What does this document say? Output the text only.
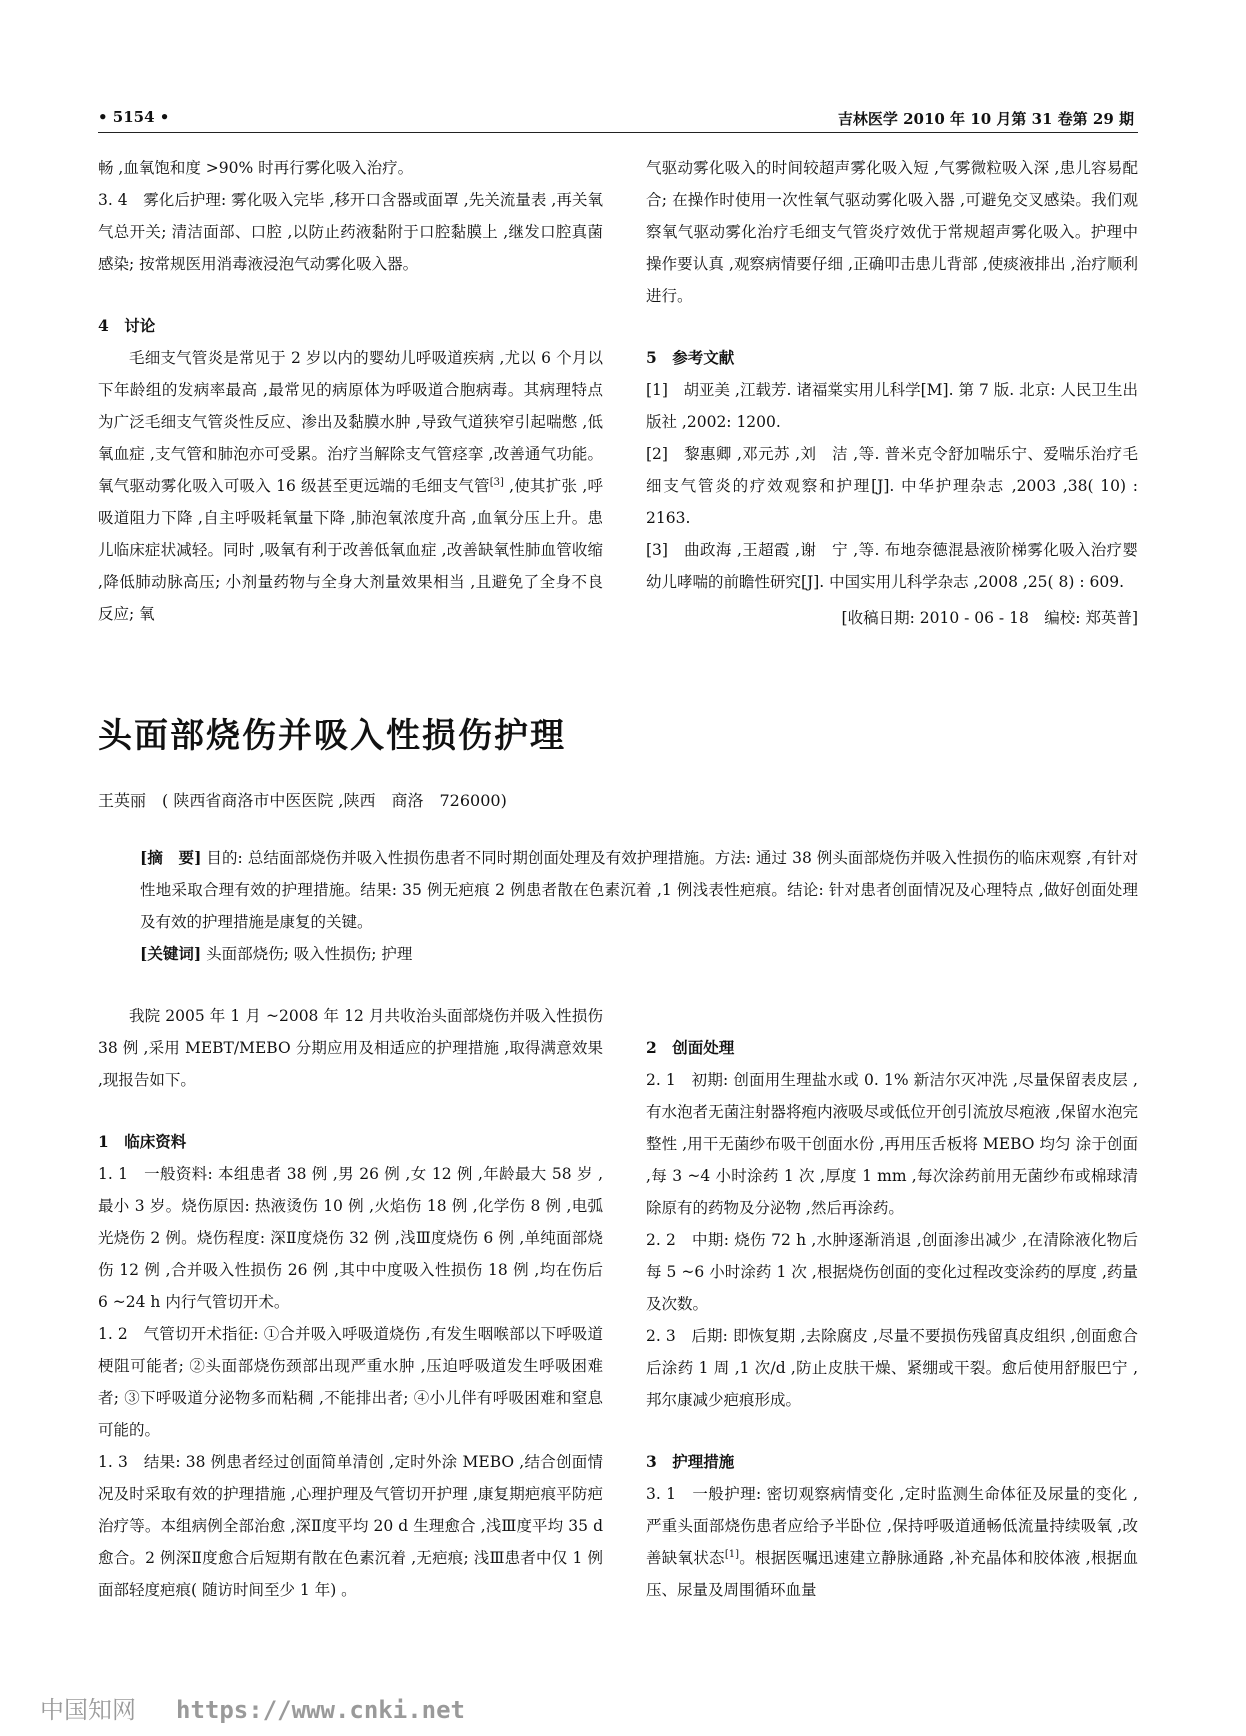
• 5154 •	吉林医学 2010 年 10 月第 31 卷第 29 期

畅 ,血氧饱和度 >90% 时再行雾化吸入治疗。

3. 4　雾化后护理: 雾化吸入完毕 ,移开口含器或面罩 ,先关流量表 ,再关氧气总开关; 清洁面部、口腔 ,以防止药液黏附于口腔黏膜上 ,继发口腔真菌感染; 按常规医用消毒液浸泡气动雾化吸入器。

4　讨论

毛细支气管炎是常见于 2 岁以内的婴幼儿呼吸道疾病 ,尤以 6 个月以下年龄组的发病率最高 ,最常见的病原体为呼吸道合胞病毒。其病理特点为广泛毛细支气管炎性反应、渗出及黏膜水肿 ,导致气道狭窄引起喘憋 ,低氧血症 ,支气管和肺泡亦可受累。治疗当解除支气管痉挛 ,改善通气功能。氧气驱动雾化吸入可吸入 16 级甚至更远端的毛细支气管[3] ,使其扩张 ,呼吸道阻力下降 ,自主呼吸耗氧量下降 ,肺泡氧浓度升高 ,血氧分压上升。患儿临床症状减轻。同时 ,吸氧有利于改善低氧血症 ,改善缺氧性肺血管收缩 ,降低肺动脉高压; 小剂量药物与全身大剂量效果相当 ,且避免了全身不良反应; 氧

气驱动雾化吸入的时间较超声雾化吸入短 ,气雾微粒吸入深 ,患儿容易配合; 在操作时使用一次性氧气驱动雾化吸入器 ,可避免交叉感染。我们观察氧气驱动雾化治疗毛细支气管炎疗效优于常规超声雾化吸入。护理中操作要认真 ,观察病情要仔细 ,正确叩击患儿背部 ,使痰液排出 ,治疗顺利进行。

5　参考文献

[1]　胡亚美 ,江载芳. 诸福棠实用儿科学[M]. 第 7 版. 北京: 人民卫生出版社 ,2002: 1200.

[2]　黎惠卿 ,邓元苏 ,刘　洁 ,等. 普米克令舒加喘乐宁、爱喘乐治疗毛细支气管炎的疗效观察和护理[J]. 中华护理杂志 ,2003 ,38( 10) : 2163.

[3]　曲政海 ,王超霞 ,谢　宁 ,等. 布地奈德混悬液阶梯雾化吸入治疗婴幼儿哮喘的前瞻性研究[J]. 中国实用儿科学杂志 ,2008 ,25( 8) : 609.

[收稿日期: 2010 - 06 - 18　编校: 郑英普]

头面部烧伤并吸入性损伤护理
王英丽　( 陕西省商洛市中医医院 ,陕西　商洛　726000)

[摘　要] 目的: 总结面部烧伤并吸入性损伤患者不同时期创面处理及有效护理措施。方法: 通过 38 例头面部烧伤并吸入性损伤的临床观察 ,有针对性地采取合理有效的护理措施。结果: 35 例无疤痕 2 例患者散在色素沉着 ,1 例浅表性疤痕。结论: 针对患者创面情况及心理特点 ,做好创面处理及有效的护理措施是康复的关键。

[关键词] 头面部烧伤; 吸入性损伤; 护理

我院 2005 年 1 月 ~2008 年 12 月共收治头面部烧伤并吸入性损伤 38 例 ,采用 MEBT/MEBO 分期应用及相适应的护理措施 ,取得满意效果 ,现报告如下。

1　临床资料

1. 1　一般资料: 本组患者 38 例 ,男 26 例 ,女 12 例 ,年龄最大 58 岁 ,最小 3 岁。烧伤原因: 热液烫伤 10 例 ,火焰伤 18 例 ,化学伤 8 例 ,电弧光烧伤 2 例。烧伤程度: 深Ⅱ度烧伤 32 例 ,浅Ⅲ度烧伤 6 例 ,单纯面部烧伤 12 例 ,合并吸入性损伤 26 例 ,其中中度吸入性损伤 18 例 ,均在伤后 6 ~24 h 内行气管切开术。

1. 2　气管切开术指征: ①合并吸入呼吸道烧伤 ,有发生咽喉部以下呼吸道梗阻可能者; ②头面部烧伤颈部出现严重水肿 ,压迫呼吸道发生呼吸困难者; ③下呼吸道分泌物多而粘稠 ,不能排出者; ④小儿伴有呼吸困难和窒息可能的。

1. 3　结果: 38 例患者经过创面简单清创 ,定时外涂 MEBO ,结合创面情况及时采取有效的护理措施 ,心理护理及气管切开护理 ,康复期疤痕平防疤治疗等。本组病例全部治愈 ,深Ⅱ度平均 20 d 生理愈合 ,浅Ⅲ度平均 35 d 愈合。2 例深Ⅱ度愈合后短期有散在色素沉着 ,无疤痕; 浅Ⅲ患者中仅 1 例面部轻度疤痕( 随访时间至少 1 年) 。

2　创面处理

2. 1　初期: 创面用生理盐水或 0. 1% 新洁尔灭冲洗 ,尽量保留表皮层 ,有水泡者无菌注射器将疱内液吸尽或低位开创引流放尽疱液 ,保留水泡完整性 ,用干无菌纱布吸干创面水份 ,再用压舌板将 MEBO 均匀 涂于创面 ,每 3 ~4 小时涂药 1 次 ,厚度 1 mm ,每次涂药前用无菌纱布或棉球清除原有的药物及分泌物 ,然后再涂药。

2. 2　中期: 烧伤 72 h ,水肿逐渐消退 ,创面渗出减少 ,在清除液化物后每 5 ~6 小时涂药 1 次 ,根据烧伤创面的变化过程改变涂药的厚度 ,药量及次数。

2. 3　后期: 即恢复期 ,去除腐皮 ,尽量不要损伤残留真皮组织 ,创面愈合后涂药 1 周 ,1 次/d ,防止皮肤干燥、紧绷或干裂。愈后使用舒服巴宁 ,邦尔康减少疤痕形成。

3　护理措施

3. 1　一般护理: 密切观察病情变化 ,定时监测生命体征及尿量的变化 ,严重头面部烧伤患者应给予半卧位 ,保持呼吸道通畅低流量持续吸氧 ,改善缺氧状态[1]。根据医嘱迅速建立静脉通路 ,补充晶体和胶体液 ,根据血压、尿量及周围循环血量

中国知网 https://www.cnki.net
